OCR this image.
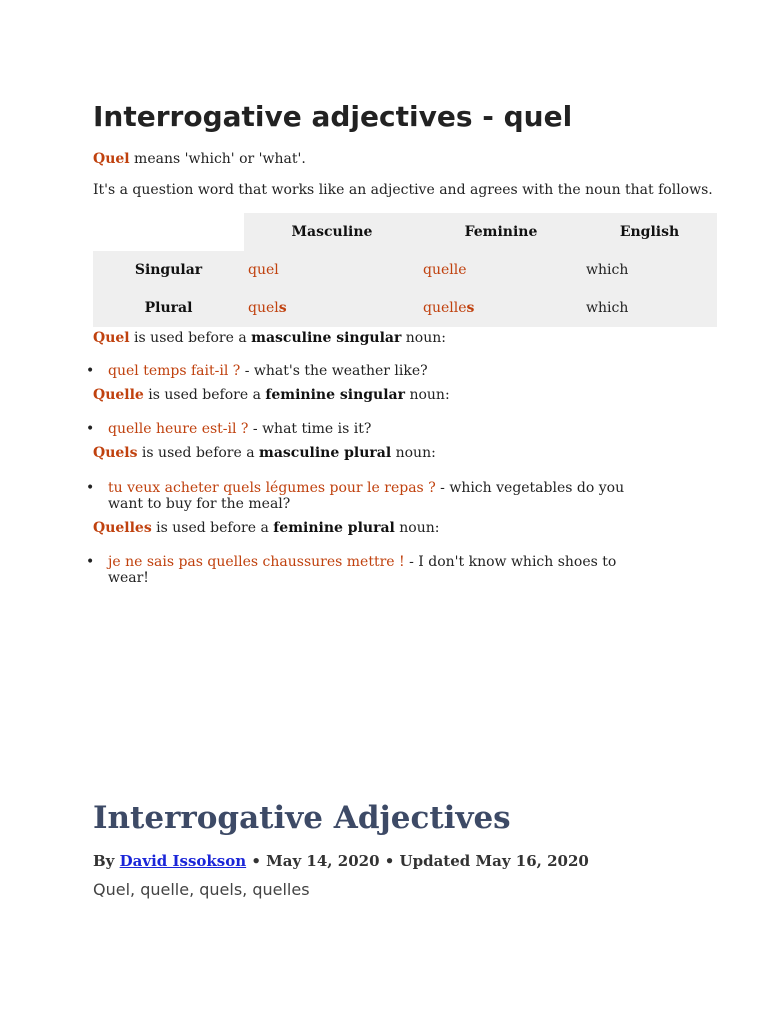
Interrogative adjectives - quel
Quel means 'which' or 'what'.
It's a question word that works like an adjective and agrees with the noun that follows.
	Masculine	Feminine	English
Singular	quel	quelle	which
Plural	quels	quelles	which
Quel is used before a masculine singular noun:
• quel temps fait-il ? - what's the weather like?
Quelle is used before a feminine singular noun:
• quelle heure est-il ? - what time is it?
Quels is used before a masculine plural noun:
• tu veux acheter quels légumes pour le repas ? - which vegetables do you want to buy for the meal?
Quelles is used before a feminine plural noun:
• je ne sais pas quelles chaussures mettre ! - I don't know which shoes to wear!
Interrogative Adjectives
By David Issokson • May 14, 2020 • Updated May 16, 2020
Quel, quelle, quels, quelles
